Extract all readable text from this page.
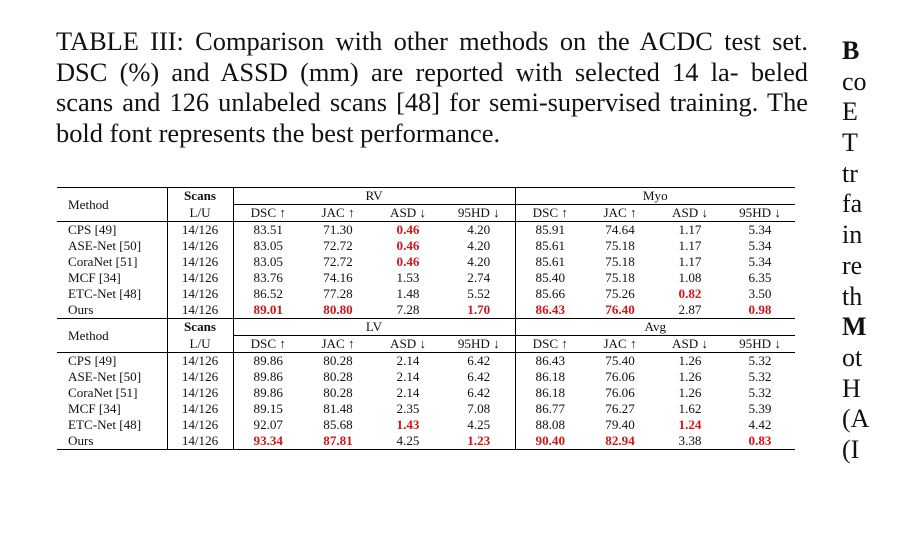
TABLE III: Comparison with other methods on the ACDC test set. DSC (%) and ASSD (mm) are reported with selected 14 la- beled scans and 126 unlabeled scans [48] for semi-supervised training. The bold font represents the best performance.
B
co
E
T
tr
fa
in
re
th
M
ot
H
(A
(I
Method	Scans	RV				Myo			
	L/U	DSC ↑	JAC ↑	ASD ↓	95HD ↓	DSC ↑	JAC ↑	ASD ↓	95HD ↓
CPS [49]	14/126	83.51	71.30	0.46	4.20	85.91	74.64	1.17	5.34
ASE-Net [50]	14/126	83.05	72.72	0.46	4.20	85.61	75.18	1.17	5.34
CoraNet [51]	14/126	83.05	72.72	0.46	4.20	85.61	75.18	1.17	5.34
MCF [34]	14/126	83.76	74.16	1.53	2.74	85.40	75.18	1.08	6.35
ETC-Net [48]	14/126	86.52	77.28	1.48	5.52	85.66	75.26	0.82	3.50
Ours	14/126	89.01	80.80	7.28	1.70	86.43	76.40	2.87	0.98
Method	Scans	LV				Avg			
	L/U	DSC ↑	JAC ↑	ASD ↓	95HD ↓	DSC ↑	JAC ↑	ASD ↓	95HD ↓
CPS [49]	14/126	89.86	80.28	2.14	6.42	86.43	75.40	1.26	5.32
ASE-Net [50]	14/126	89.86	80.28	2.14	6.42	86.18	76.06	1.26	5.32
CoraNet [51]	14/126	89.86	80.28	2.14	6.42	86.18	76.06	1.26	5.32
MCF [34]	14/126	89.15	81.48	2.35	7.08	86.77	76.27	1.62	5.39
ETC-Net [48]	14/126	92.07	85.68	1.43	4.25	88.08	79.40	1.24	4.42
Ours	14/126	93.34	87.81	4.25	1.23	90.40	82.94	3.38	0.83
